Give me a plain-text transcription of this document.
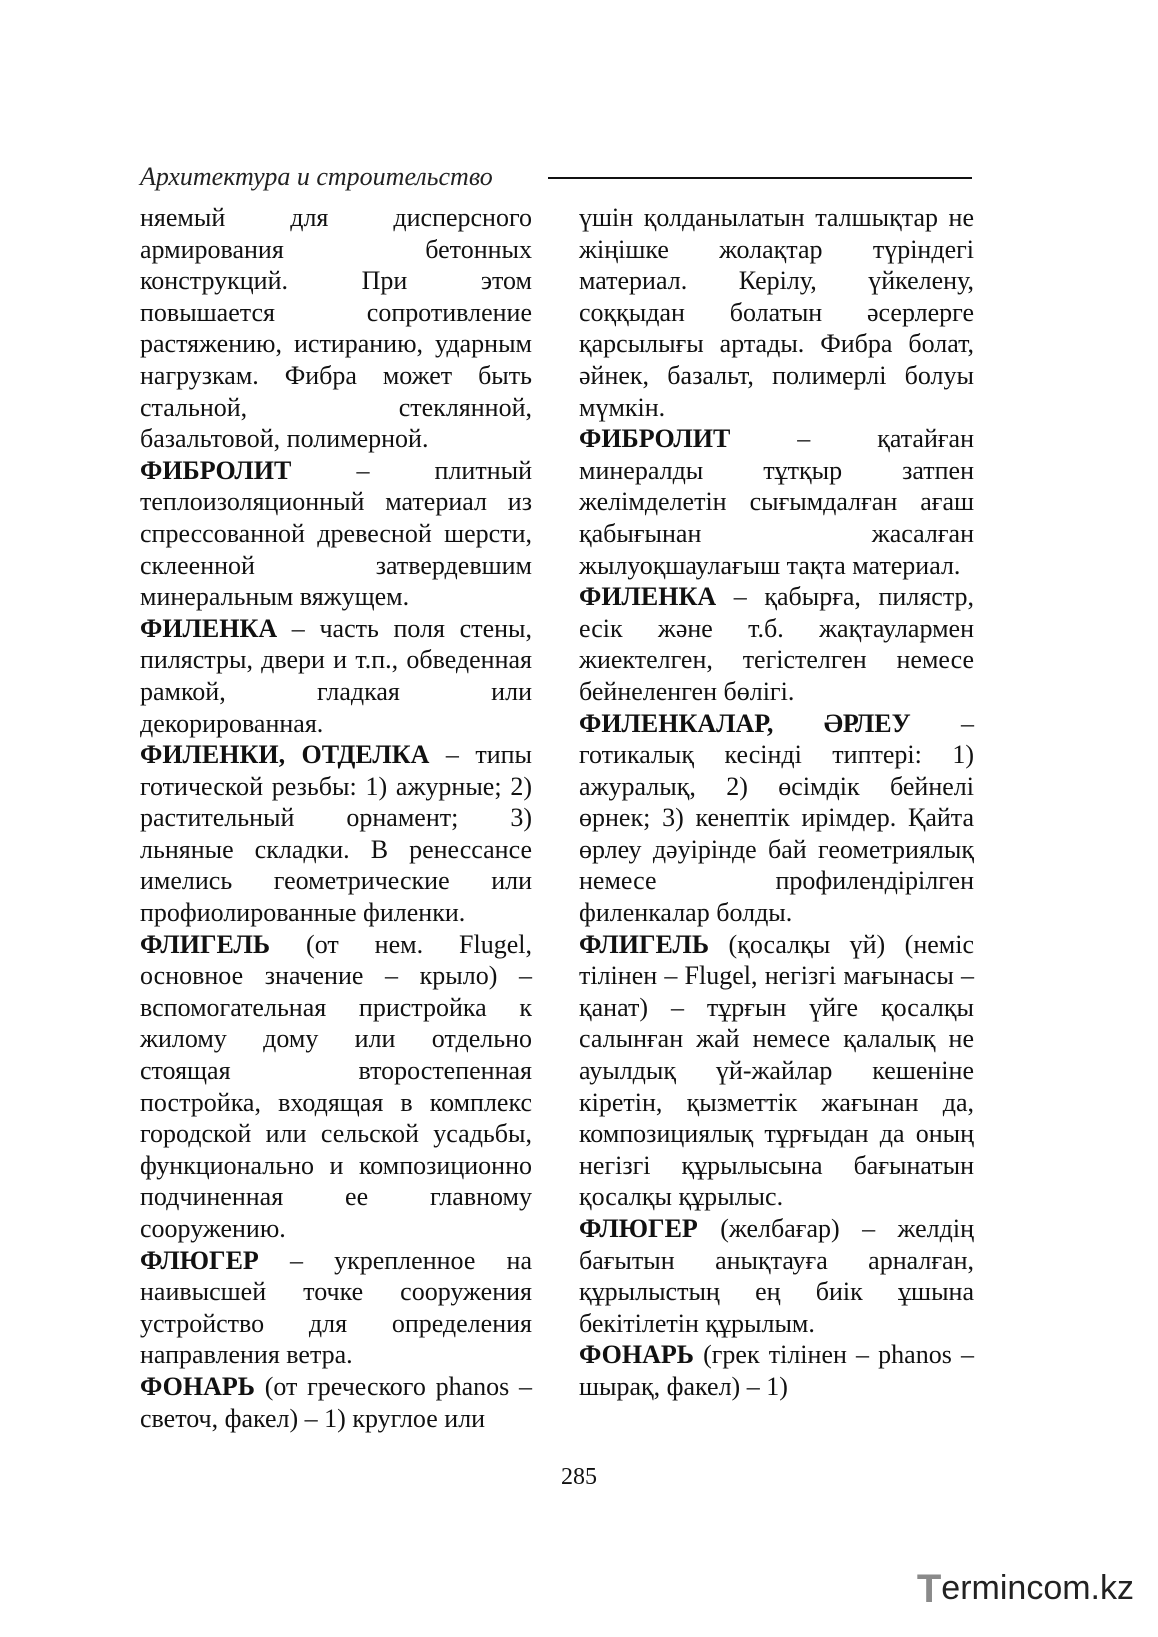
Архитектура и строительство

няемый для дисперсного армирования бетонных конструкций. При этом повышается сопротивление растяжению, истиранию, ударным нагрузкам. Фибра может быть стальной, стеклянной, базальтовой, полимерной.

ФИБРОЛИТ – плитный теплоизоляционный материал из спрессованной древесной шерсти, склеенной затвердевшим минеральным вяжущем.

ФИЛЕНКА – часть поля стены, пилястры, двери и т.п., обведенная рамкой, гладкая или декорированная.

ФИЛЕНКИ, ОТДЕЛКА – типы готической резьбы: 1) ажурные; 2) растительный орнамент; 3) льняные складки. В ренессансе имелись геометрические или профиолированные филенки.

ФЛИГЕЛЬ (от нем. Flugel, основное значение – крыло) – вспомогательная пристройка к жилому дому или отдельно стоящая второстепенная постройка, входящая в комплекс городской или сельской усадьбы, функционально и композиционно подчиненная ее главному сооружению.

ФЛЮГЕР – укрепленное на наивысшей точке сооружения устройство для определения направления ветра.

ФОНАРЬ (от греческого phanos – светоч, факел) – 1) круглое или

үшін қолданылатын талшықтар не жіңішке жолақтар түріндегі материал. Керілу, үйкелену, соққыдан болатын әсерлерге қарсылығы артады. Фибра болат, әйнек, базальт, полимерлі болуы мүмкін.

ФИБРОЛИТ – қатайған минералды тұтқыр затпен желімделетін сығымдалған ағаш қабығынан жасалған жылуоқшаулағыш тақта материал.

ФИЛЕНКА – қабырға, пилястр, есік және т.б. жақтаулармен жиектелген, тегістелген немесе бейнеленген бөлігі.

ФИЛЕНКАЛАР, ӘРЛЕУ – готикалық кесінді типтері: 1) ажуралық, 2) өсімдік бейнелі өрнек; 3) кенептік ирімдер. Қайта өрлеу дәуірінде бай геометриялық немесе профилендірілген филенкалар болды.

ФЛИГЕЛЬ (қосалқы үй) (неміс тілінен – Flugel, негізгі мағынасы – қанат) – тұрғын үйге қосалқы салынған жай немесе қалалық не ауылдық үй-жайлар кешеніне кіретін, қызметтік жағынан да, композициялық тұрғыдан да оның негізгі құрылысына бағынатын қосалқы құрылыс.

ФЛЮГЕР (желбағар) – желдің бағытын анықтауға арналған, құрылыстың ең биік ұшына бекітілетін құрылым.

ФОНАРЬ (грек тілінен – phanos – шырақ, факел) – 1)

285
Termincom.kz
